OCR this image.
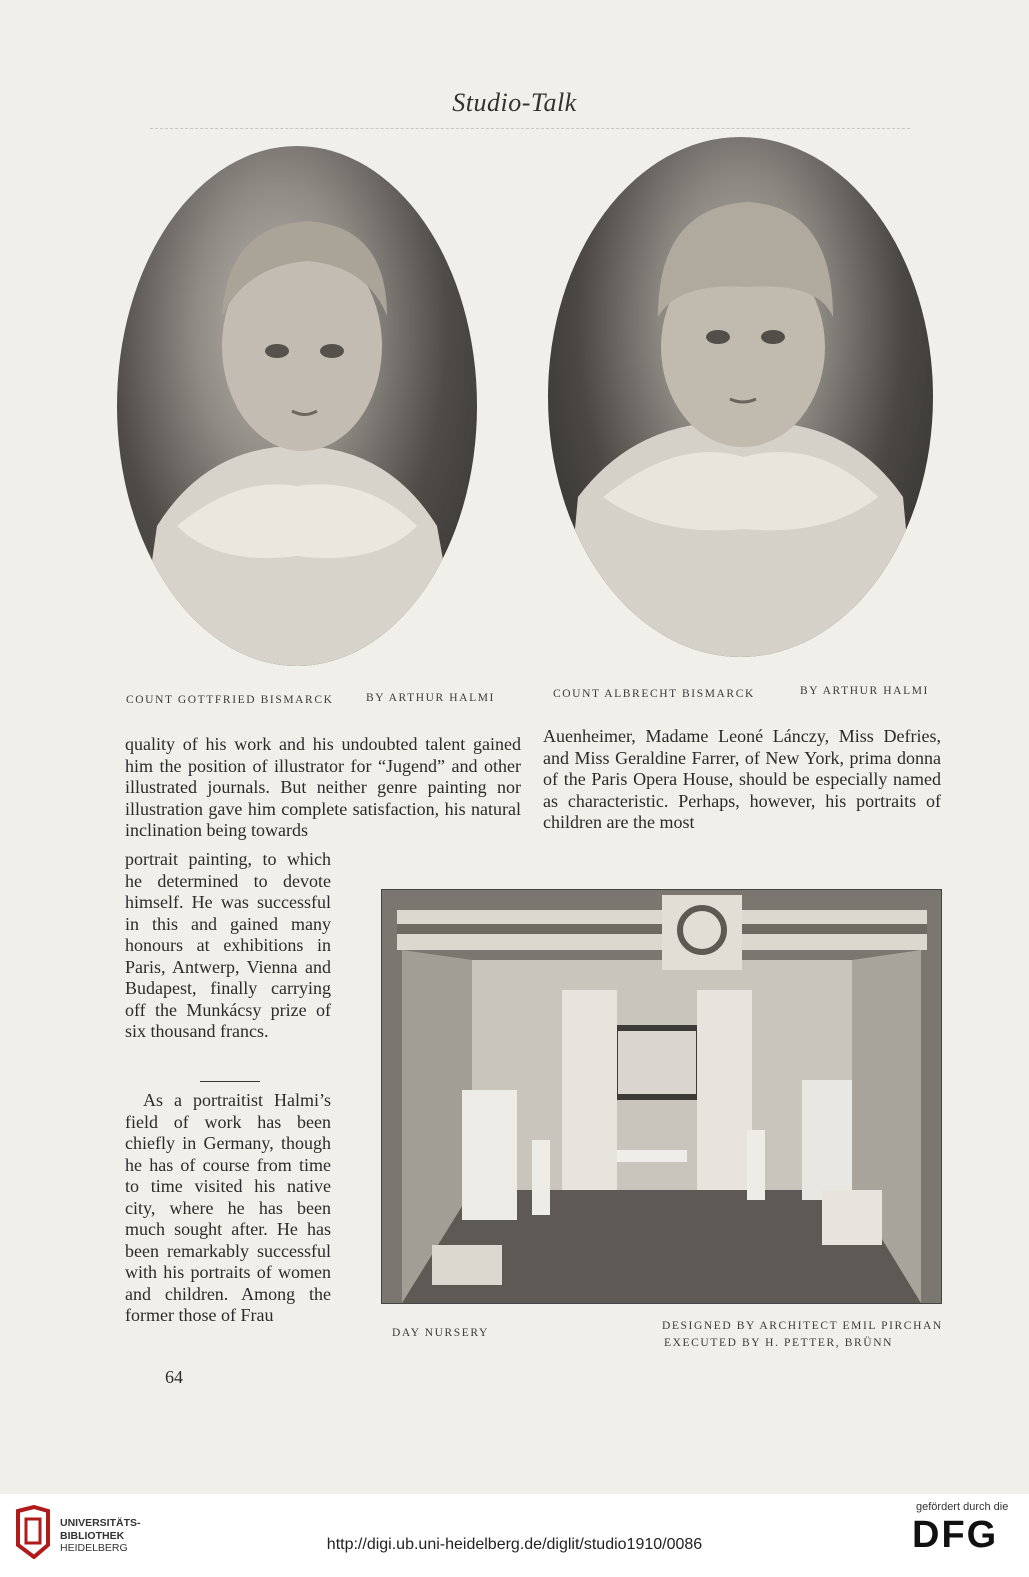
Studio-Talk
COUNT GOTTFRIED BISMARCK	BY ARTHUR HALMI	COUNT ALBRECHT BISMARCK	BY ARTHUR HALMI
quality of his work and his undoubted talent gained him the position of illustrator for “Jugend” and other illustrated journals. But neither genre painting nor illustration gave him complete satisfaction, his natural inclination being towards
Auenheimer, Madame Leoné Lánczy, Miss Defries, and Miss Geraldine Farrer, of New York, prima donna of the Paris Opera House, should be especially named as characteristic. Perhaps, however, his portraits of children are the most
portrait painting, to which he determined to devote himself. He was successful in this and gained many honours at exhibitions in Paris, Antwerp, Vienna and Budapest, finally carrying off the Munkácsy prize of six thousand francs.
As a portraitist Halmi’s field of work has been chiefly in Germany, though he has of course from time to time visited his native city, where he has been much sought after. He has been remarkably successful with his portraits of women and children. Among the former those of Frau
DAY NURSERY
DESIGNED BY ARCHITECT EMIL PIRCHAN
EXECUTED BY H. PETTER, BRÜNN
64
UNIVERSITÄTS-
BIBLIOTHEK
HEIDELBERG	http://digi.ub.uni-heidelberg.de/diglit/studio1910/0086
gefördert durch die
DFG
